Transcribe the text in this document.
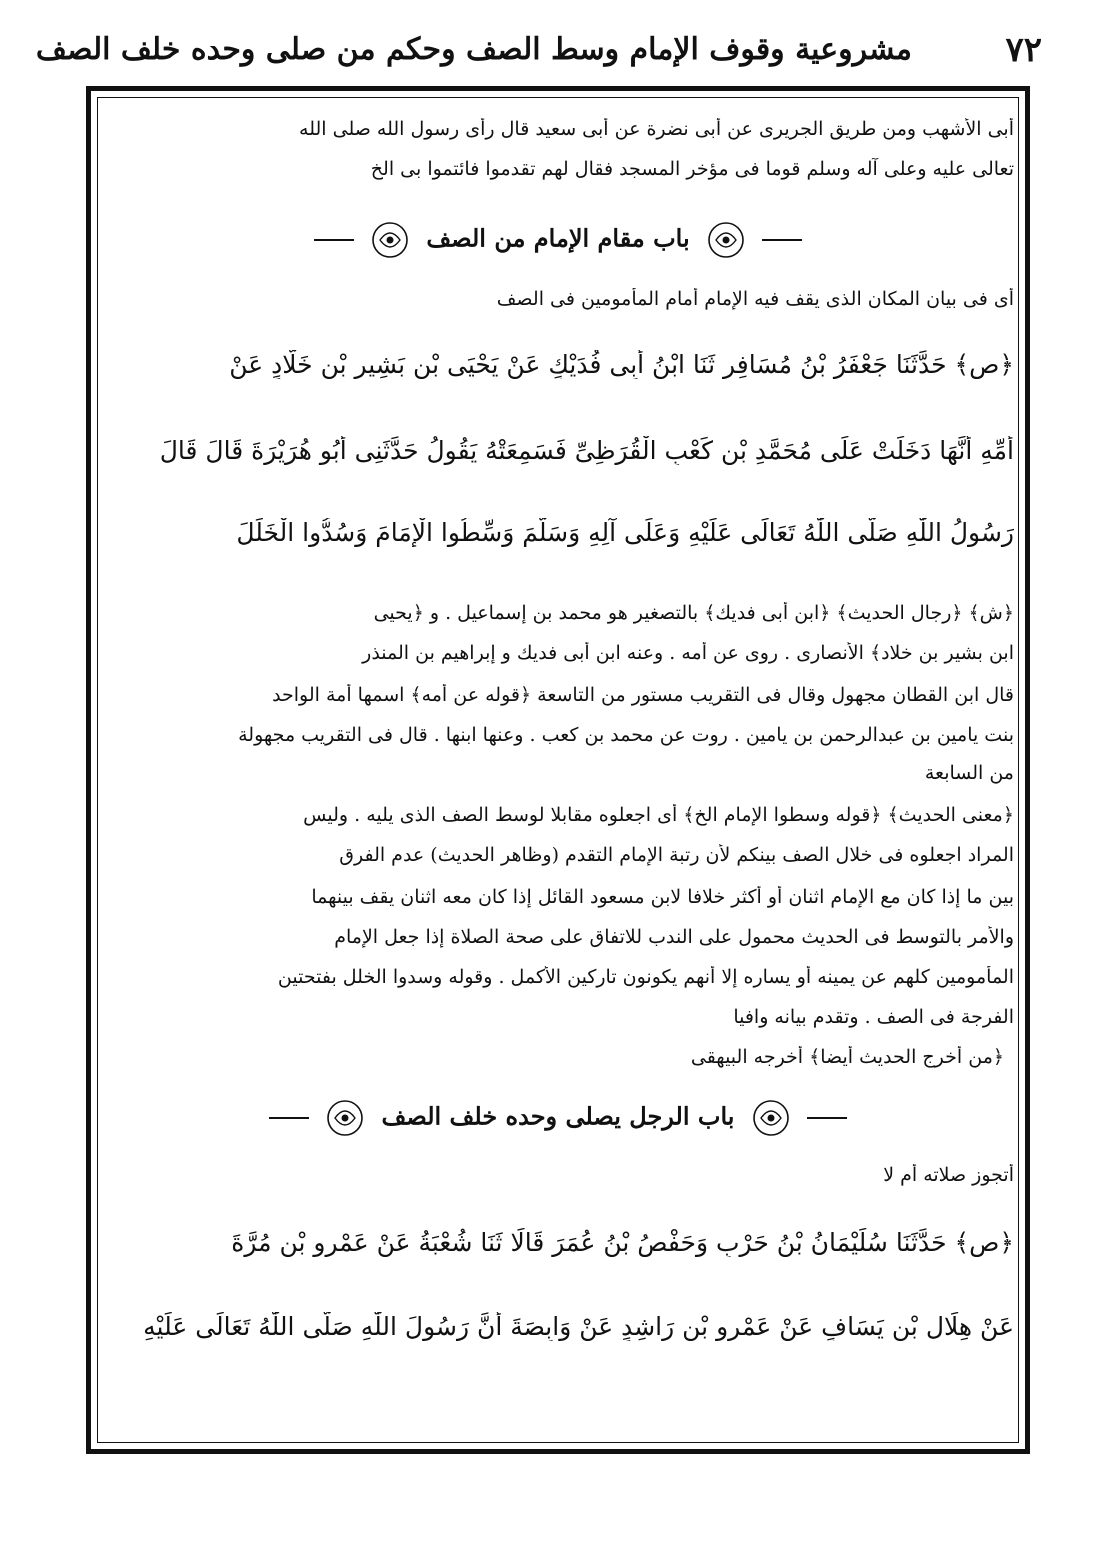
٧٢
مشروعية وقوف الإمام وسط الصف وحكم من صلى وحده خلف الصف
أبى الأشهب ومن طريق الجريرى عن أبى نضرة عن أبى سعيد قال رأى رسول الله صلى الله
تعالى عليه وعلى آله وسلم قوما فى مؤخر المسجد فقال لهم تقدموا فائتموا بى الخ
باب مقام الإمام من الصف
أى فى بيان المكان الذى يقف فيه الإمام أمام المأمومين فى الصف
﴿ص﴾ حَدَّثَنَا جَعْفَرُ بْنُ مُسَافِرٍ ثَنَا ابْنُ أَبِى فُدَيْكٍ عَنْ يَحْيَى بْنِ بَشِيرِ بْنِ خَلَّادٍ عَنْ
أُمِّهِ أَنَّهَا دَخَلَتْ عَلَى مُحَمَّدِ بْنِ كَعْبٍ الْقُرَظِىِّ فَسَمِعَتْهُ يَقُولُ حَدَّثَنِى أَبُو هُرَيْرَةَ قَالَ قَالَ
رَسُولُ اللّٰهِ صَلَّى اللّٰهُ تَعَالَى عَلَيْهِ وَعَلَى آلِهِ وَسَلَّمَ وَسِّطُوا الْإِمَامَ وَسُدُّوا الْخَلَلَ
﴿ش﴾ ﴿رجال الحديث﴾ ﴿ابن أبى فديك﴾ بالتصغير هو محمد بن إسماعيل . و ﴿يحيى
ابن بشير بن خلاد﴾ الأنصارى . روى عن أمه . وعنه ابن أبى فديك و إبراهيم بن المنذر
قال ابن القطان مجهول وقال فى التقريب مستور من التاسعة ﴿قوله عن أمه﴾ اسمها أمة الواحد
بنت يامين بن عبدالرحمن بن يامين . روت عن محمد بن كعب . وعنها ابنها . قال فى التقريب مجهولة
من السابعة
﴿معنى الحديث﴾ ﴿قوله وسطوا الإمام الخ﴾ أى اجعلوه مقابلا لوسط الصف الذى يليه . وليس
المراد اجعلوه فى خلال الصف بينكم لأن رتبة الإمام التقدم (وظاهر الحديث) عدم الفرق
بين ما إذا كان مع الإمام اثنان أو أكثر خلافا لابن مسعود القائل إذا كان معه اثنان يقف بينهما
والأمر بالتوسط فى الحديث محمول على الندب للاتفاق على صحة الصلاة إذا جعل الإمام
المأمومين كلهم عن يمينه أو يساره إلا أنهم يكونون تاركين الأكمل . وقوله وسدوا الخلل بفتحتين
الفرجة فى الصف . وتقدم بيانه وافيا
﴿من أخرج الحديث أيضا﴾ أخرجه البيهقى
باب الرجل يصلى وحده خلف الصف
أتجوز صلاته أم لا
﴿ص﴾ حَدَّثَنَا سُلَيْمَانُ بْنُ حَرْبٍ وَحَفْصُ بْنُ عُمَرَ قَالَا ثَنَا شُعْبَةُ عَنْ عَمْرِو بْنِ مُرَّةَ
عَنْ هِلَالِ بْنِ يَسَافٍ عَنْ عَمْرِو بْنِ رَاشِدٍ عَنْ وَابِصَةَ أَنَّ رَسُولَ اللّٰهِ صَلَّى اللّٰهُ تَعَالَى عَلَيْهِ
